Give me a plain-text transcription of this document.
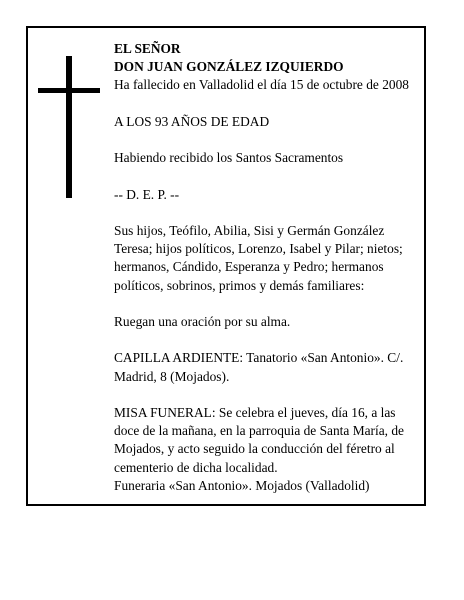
EL SEÑOR

DON JUAN GONZÁLEZ IZQUIERDO

Ha fallecido en Valladolid el día 15 de octubre de 2008

A LOS 93 AÑOS DE EDAD

Habiendo recibido los Santos Sacramentos

-- D. E. P. --

Sus hijos, Teófilo, Abilia, Sisi y Germán González Teresa; hijos políticos, Lorenzo, Isabel y Pilar; nietos; hermanos, Cándido, Esperanza y Pedro; hermanos políticos, sobrinos, primos y demás familiares:

Ruegan una oración por su alma.

CAPILLA ARDIENTE: Tanatorio «San Antonio». C/. Madrid, 8 (Mojados).

MISA FUNERAL: Se celebra el jueves, día 16, a las doce de la mañana, en la parroquia de Santa María, de Mojados, y acto seguido la conducción del féretro al cementerio de dicha localidad.

Funeraria «San Antonio». Mojados (Valladolid)
